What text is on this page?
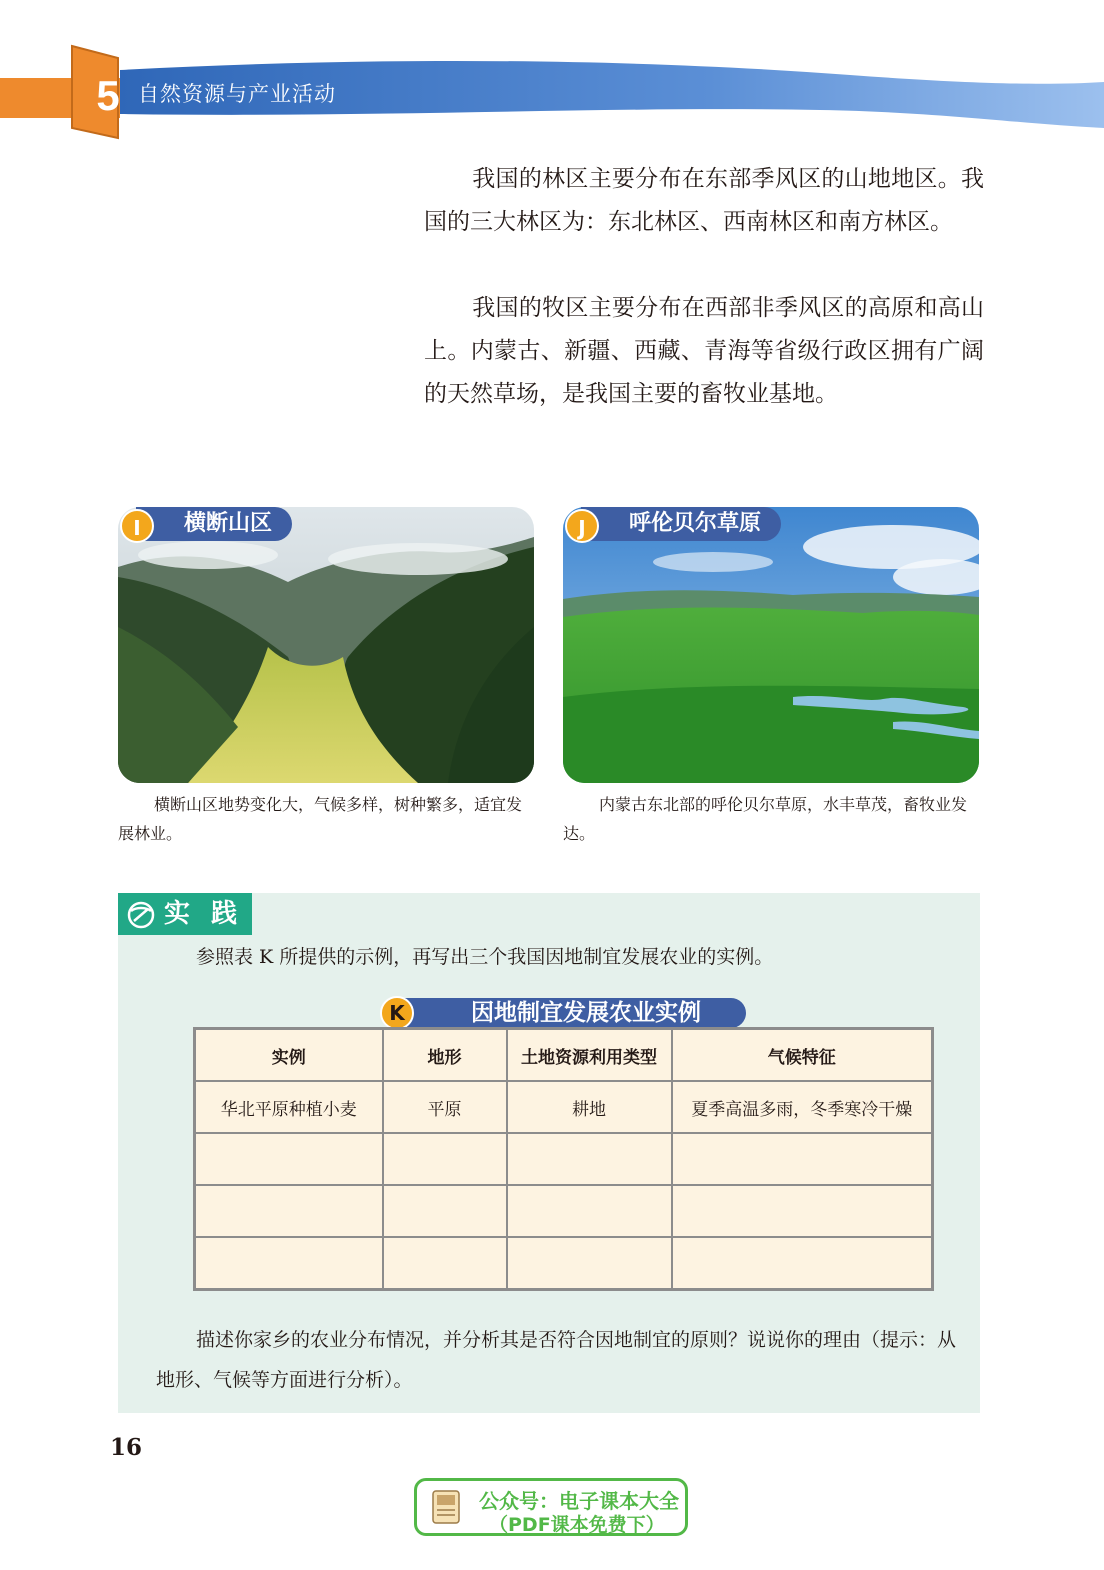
5 自然资源与产业活动

我国的林区主要分布在东部季风区的山地地区。我国的三大林区为：东北林区、西南林区和南方林区。

我国的牧区主要分布在西部非季风区的高原和高山上。内蒙古、新疆、西藏、青海等省级行政区拥有广阔的天然草场，是我国主要的畜牧业基地。

横断山区
I
横断山区地势变化大，气候多样，树种繁多，适宜发展林业。
呼伦贝尔草原
J
内蒙古东北部的呼伦贝尔草原，水丰草茂，畜牧业发达。
实 践

参照表 K 所提供的示例，再写出三个我国因地制宜发展农业的实例。

因地制宜发展农业实例
K
实例	地形	土地资源利用类型	气候特征
华北平原种植小麦	平原	耕地	夏季高温多雨，冬季寒冷干燥

描述你家乡的农业分布情况，并分析其是否符合因地制宜的原则？说说你的理由（提示：从地形、气候等方面进行分析）。

16
公众号：电子课本大全
（PDF课本免费下）
